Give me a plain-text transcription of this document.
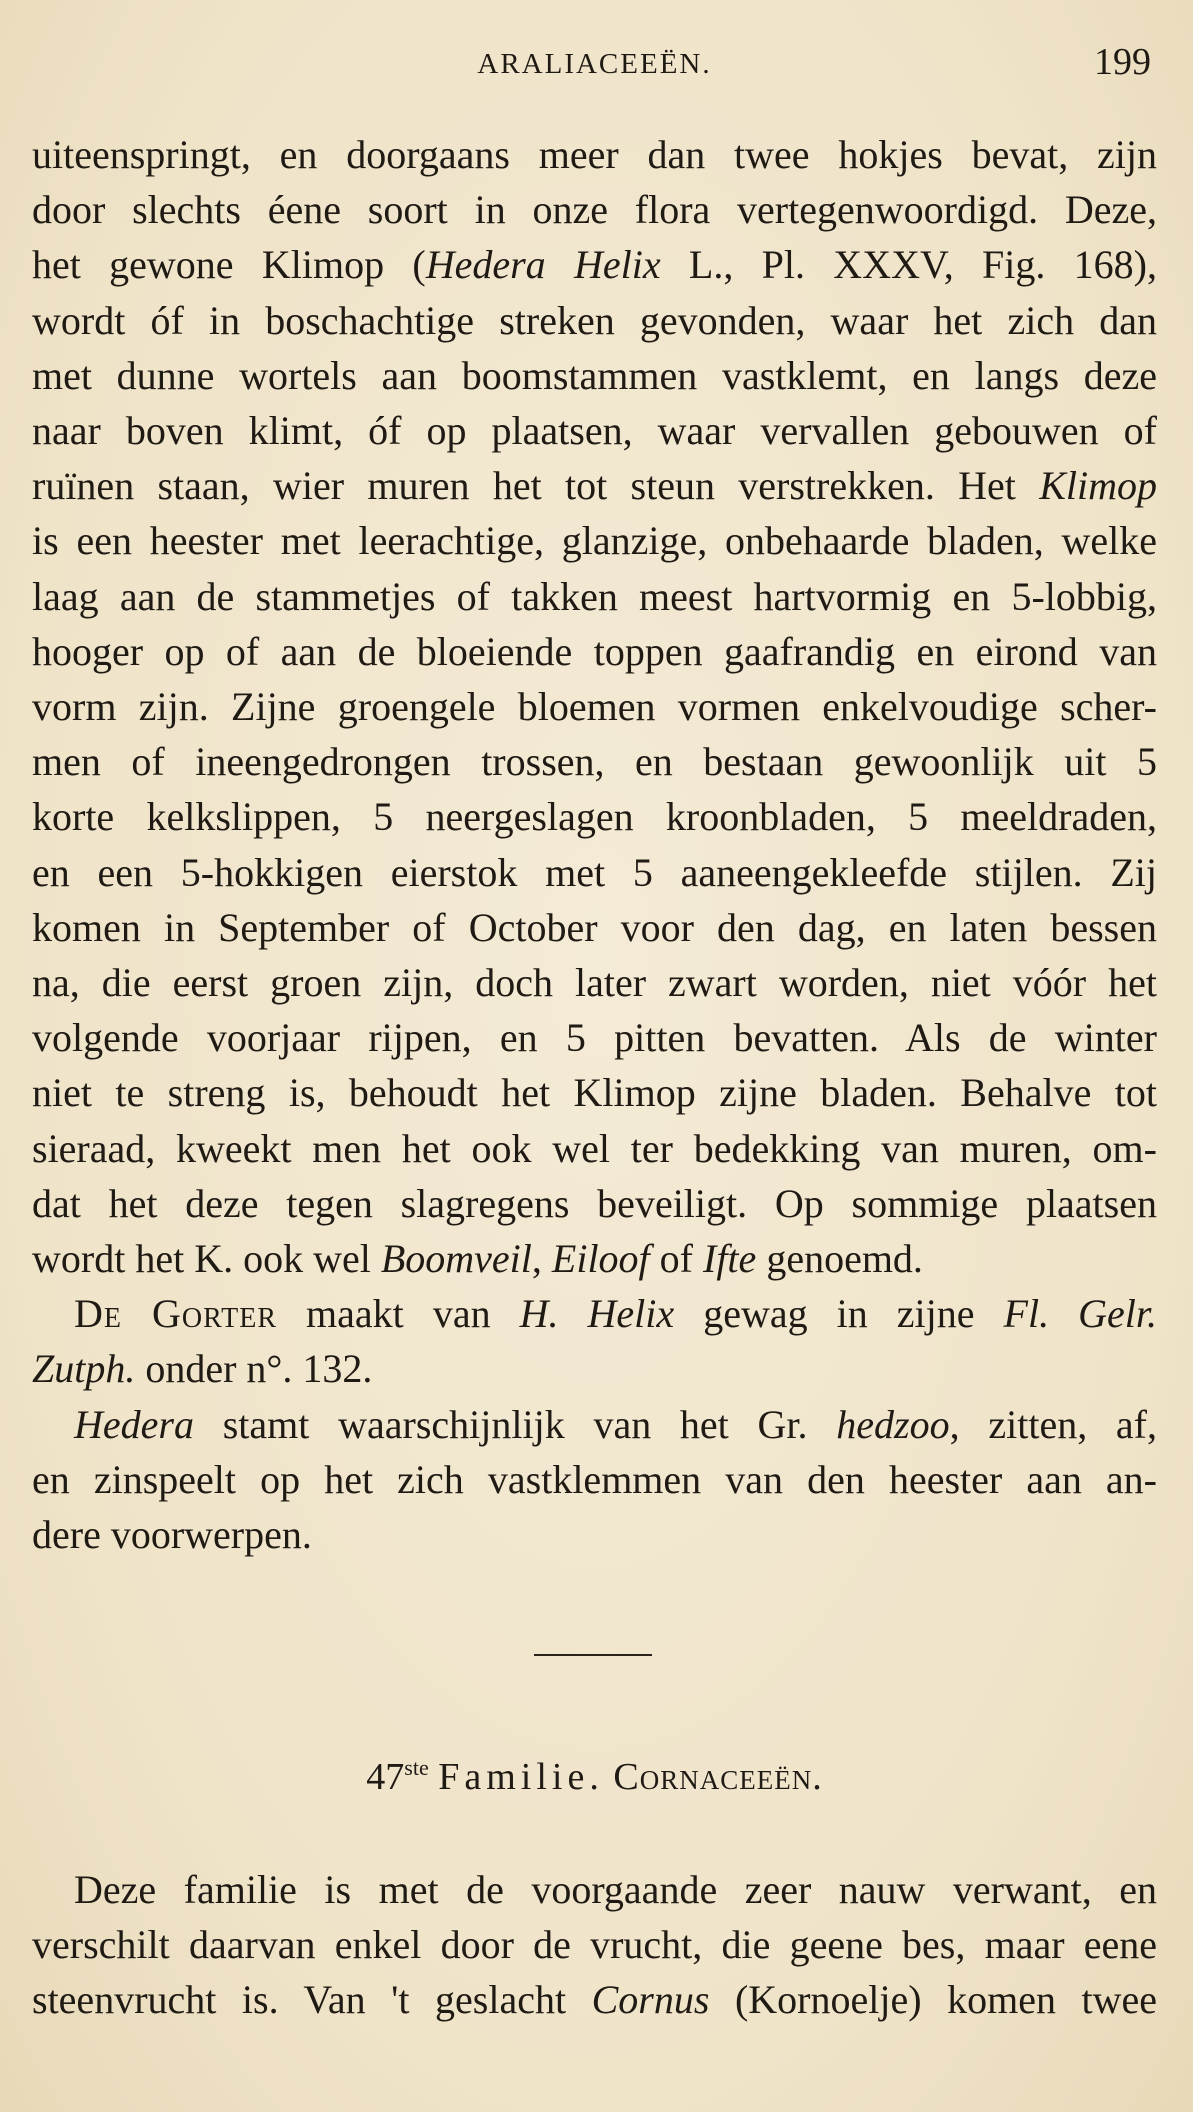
ARALIACEEËN.	199

uiteenspringt, en doorgaans meer dan twee hokjes bevat, zijn
door slechts éene soort in onze flora vertegenwoordigd. Deze,
het gewone Klimop (Hedera Helix L., Pl. XXXV, Fig. 168),
wordt óf in boschachtige streken gevonden, waar het zich dan
met dunne wortels aan boomstammen vastklemt, en langs deze
naar boven klimt, óf op plaatsen, waar vervallen gebouwen of
ruïnen staan, wier muren het tot steun verstrekken. Het Klimop
is een heester met leerachtige, glanzige, onbehaarde bladen, welke
laag aan de stammetjes of takken meest hartvormig en 5-lobbig,
hooger op of aan de bloeiende toppen gaafrandig en eirond van
vorm zijn. Zijne groengele bloemen vormen enkelvoudige scher-
men of ineengedrongen trossen, en bestaan gewoonlijk uit 5
korte kelkslippen, 5 neergeslagen kroonbladen, 5 meeldraden,
en een 5-hokkigen eierstok met 5 aaneengekleefde stijlen. Zij
komen in September of October voor den dag, en laten bessen
na, die eerst groen zijn, doch later zwart worden, niet vóór het
volgende voorjaar rijpen, en 5 pitten bevatten. Als de winter
niet te streng is, behoudt het Klimop zijne bladen. Behalve tot
sieraad, kweekt men het ook wel ter bedekking van muren, om-
dat het deze tegen slagregens beveiligt. Op sommige plaatsen
wordt het K. ook wel Boomveil, Eiloof of Ifte genoemd.

De Gorter maakt van H. Helix gewag in zijne Fl. Gelr.
Zutph. onder n°. 132.

Hedera stamt waarschijnlijk van het Gr. hedzoo, zitten, af,
en zinspeelt op het zich vastklemmen van den heester aan an-
dere voorwerpen.

47ste Familie. Cornaceeën.
Deze familie is met de voorgaande zeer nauw verwant, en
verschilt daarvan enkel door de vrucht, die geene bes, maar eene
steenvrucht is. Van 't geslacht Cornus (Kornoelje) komen twee
